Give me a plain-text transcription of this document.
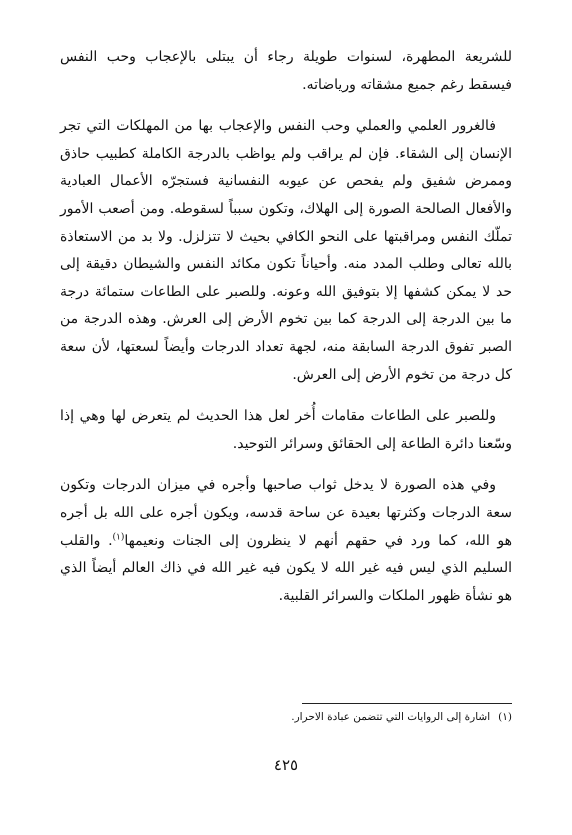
للشريعة المطهرة، لسنوات طويلة رجاء أن يبتلى بالإعجاب وحب النفس فيسقط رغم جميع مشقاته ورياضاته.

فالغرور العلمي والعملي وحب النفس والإعجاب بها من المهلكات التي تجر الإنسان إلى الشقاء. فإن لم يراقب ولم يواظب بالدرجة الكاملة كطبيب حاذق وممرض شفيق ولم يفحص عن عيوبه النفسانية فستجرّه الأعمال العبادية والأفعال الصالحة الصورة إلى الهلاك، وتكون سبباً لسقوطه. ومن أصعب الأمور تملّك النفس ومراقبتها على النحو الكافي بحيث لا تتزلزل. ولا بد من الاستعاذة بالله تعالى وطلب المدد منه. وأحياناً تكون مكائد النفس والشيطان دقيقة إلى حد لا يمكن كشفها إلا بتوفيق الله وعونه. وللصبر على الطاعات ستمائة درجة ما بين الدرجة إلى الدرجة كما بين تخوم الأرض إلى العرش. وهذه الدرجة من الصبر تفوق الدرجة السابقة منه، لجهة تعداد الدرجات وأيضاً لسعتها، لأن سعة كل درجة من تخوم الأرض إلى العرش.

وللصبر على الطاعات مقامات أُخر لعل هذا الحديث لم يتعرض لها وهي إذا وسّعنا دائرة الطاعة إلى الحقائق وسرائر التوحيد.

وفي هذه الصورة لا يدخل ثواب صاحبها وأجره في ميزان الدرجات وتكون سعة الدرجات وكثرتها بعيدة عن ساحة قدسه، ويكون أجره على الله بل أجره هو الله، كما ورد في حقهم أنهم لا ينظرون إلى الجنات ونعيمها$^{(١)}$. والقلب السليم الذي ليس فيه غير الله لا يكون فيه غير الله في ذاك العالم أيضاً الذي هو نشأة ظهور الملكات والسرائر القلبية.

(١)اشارة إلى الروايات التي تتضمن عبادة الاحرار.
٤٢٥
